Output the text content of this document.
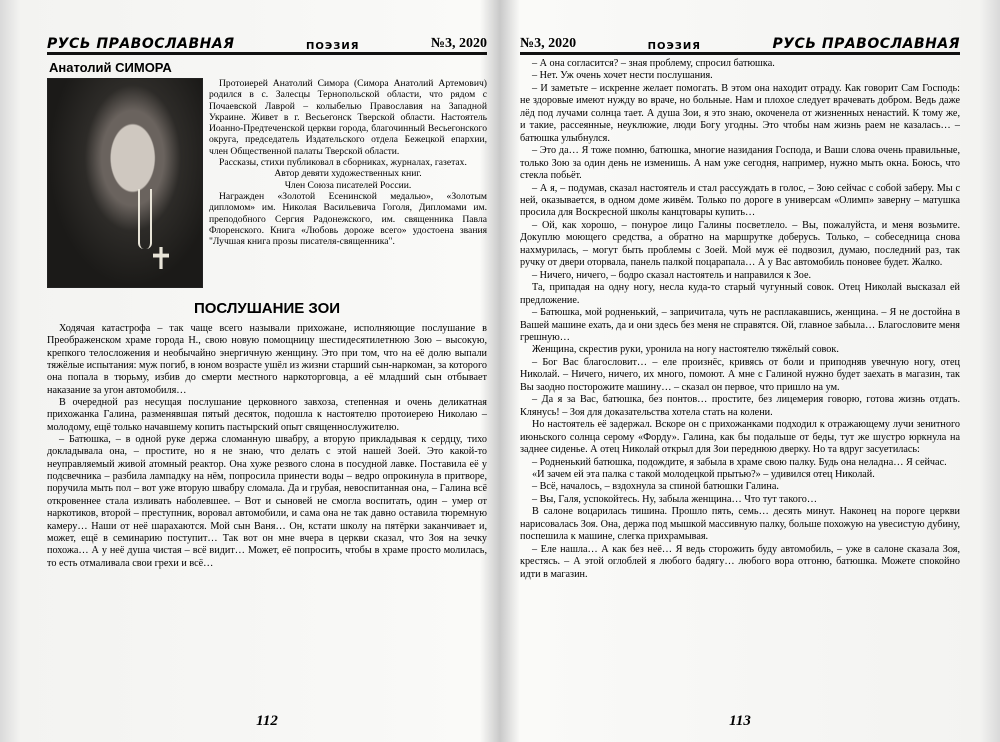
РУСЬ ПРАВОСЛАВНАЯ	ПОЭЗИЯ	№3, 2020
Анатолий СИМОРА

Протоиерей Анатолий Симора (Симора Анатолий Артемович) родился в с. Залесцы Тернопольской области, что рядом с Почаевской Лаврой – колыбелью Православия на Западной Украине. Живет в г. Весьегонск Тверской области. Настоятель Иоанно-Предтеченской церкви города, благочинный Весьегонского округа, председатель Издательского отдела Бежецкой епархии, член Общественной палаты Тверской области.

Рассказы, стихи публиковал в сборниках, журналах, газетах.

Автор девяти художественных книг.

Член Союза писателей России.

Награжден «Золотой Есенинской медалью», «Золотым дипломом» им. Николая Васильевича Гоголя, Дипломами им. преподобного Сергия Радонежского, им. священника Павла Флоренского. Книга «Любовь дороже всего» удостоена звания "Лучшая книга прозы писателя-священника".

ПОСЛУШАНИЕ ЗОИ

Ходячая катастрофа – так чаще всего называли прихожане, исполняющие послушание в Преображенском храме города Н., свою новую помощницу шестидесятилетнюю Зою – высокую, крепкого телосложения и необычайно энергичную женщину. Это при том, что на её долю выпали тяжёлые испытания: муж погиб, в юном возрасте ушёл из жизни старший сын-наркоман, за которого она попала в тюрьму, избив до смерти местного наркоторговца, а её младший сын отбывает наказание за угон автомобиля…

В очередной раз несущая послушание церковного завхоза, степенная и очень деликатная прихожанка Галина, разменявшая пятый десяток, подошла к настоятелю протоиерею Николаю – молодому, ещё только начавшему копить пастырский опыт священнослужителю.

– Батюшка, – в одной руке держа сломанную швабру, а вторую прикладывая к сердцу, тихо докладывала она, – простите, но я не знаю, что делать с этой нашей Зоей. Это какой-то неуправляемый живой атомный реактор. Она хуже резвого слона в посудной лавке. Поставила её у подсвечника – разбила лампадку на нём, попросила принести воды – ведро опрокинула в притворе, поручила мыть пол – вот уже вторую швабру сломала. Да и грубая, невоспитанная она, – Галина всё откровеннее стала изливать наболевшее. – Вот и сыновей не смогла воспитать, один – умер от наркотиков, второй – преступник, воровал автомобили, и сама она не так давно оставила тюремную камеру… Наши от неё шарахаются. Мой сын Ваня… Он, кстати школу на пятёрки заканчивает и, может, ещё в семинарию поступит… Так вот он мне вчера в церкви сказал, что Зоя на зечку похожа… А у неё душа чистая – всё видит… Может, её попросить, чтобы в храме просто молилась, то есть отмаливала свои грехи и всё…

112
№3, 2020	ПОЭЗИЯ	РУСЬ ПРАВОСЛАВНАЯ

– А она согласится? – зная проблему, спросил батюшка.

– Нет. Уж очень хочет нести послушания.

– И заметьте – искренне желает помогать. В этом она находит отраду. Как говорит Сам Господь: не здоровые имеют нужду во враче, но больные. Нам и плохое следует врачевать добром. Ведь даже лёд под лучами солнца тает. А душа Зои, я это знаю, окоченела от жизненных ненастий. К тому же, и такие, рассеянные, неуклюжие, люди Богу угодны. Это чтобы нам жизнь раем не казалась… – батюшка улыбнулся.

– Это да… Я тоже помню, батюшка, многие назидания Господа, и Ваши слова очень правильные, только Зою за один день не изменишь. А нам уже сегодня, например, нужно мыть окна. Боюсь, что стекла побьёт.

– А я, – подумав, сказал настоятель и стал рассуждать в голос, – Зою сейчас с собой заберу. Мы с ней, оказывается, в одном доме живём. Только по дороге в универсам «Олимп» заверну – матушка просила для Воскресной школы канцтовары купить…

– Ой, как хорошо, – понурое лицо Галины посветлело. – Вы, пожалуйста, и меня возьмите. Докуплю моющего средства, а обратно на маршрутке доберусь. Только, – собеседница снова нахмурилась, – могут быть проблемы с Зоей. Мой муж её подвозил, думаю, последний раз, так ручку от двери оторвала, панель палкой поцарапала… А у Вас автомобиль поновее будет. Жалко.

– Ничего, ничего, – бодро сказал настоятель и направился к Зое.

Та, припадая на одну ногу, несла куда-то старый чугунный совок. Отец Николай высказал ей предложение.

– Батюшка, мой родненький, – запричитала, чуть не расплакавшись, женщина. – Я не достойна в Вашей машине ехать, да и они здесь без меня не справятся. Ой, главное забыла… Благословите меня грешную…

Женщина, скрестив руки, уронила на ногу настоятелю тяжёлый совок.

– Бог Вас благословит… – еле произнёс, кривясь от боли и приподняв увечную ногу, отец Николай. – Ничего, ничего, их много, помоют. А мне с Галиной нужно будет заехать в магазин, так Вы заодно посторожите машину… – сказал он первое, что пришло на ум.

– Да я за Вас, батюшка, без понтов… простите, без лицемерия говорю, готова жизнь отдать. Клянусь! – Зоя для доказательства хотела стать на колени.

Но настоятель её задержал. Вскоре он с прихожанками подходил к отражающему лучи зенитного июньского солнца серому «Форду». Галина, как бы подальше от беды, тут же шустро юркнула на заднее сиденье. А отец Николай открыл для Зои переднюю дверку. Но та вдруг засуетилась:

– Родненький батюшка, подождите, я забыла в храме свою палку. Будь она неладна… Я сейчас.

«И зачем ей эта палка с такой молодецкой прытью?» – удивился отец Николай.

– Всё, началось, – вздохнула за спиной батюшки Галина.

– Вы, Галя, успокойтесь. Ну, забыла женщина… Что тут такого…

В салоне воцарилась тишина. Прошло пять, семь… десять минут. Наконец на пороге церкви нарисовалась Зоя. Она, держа под мышкой массивную палку, больше похожую на увесистую дубину, поспешила к машине, слегка прихрамывая.

– Еле нашла… А как без неё… Я ведь сторожить буду автомобиль, – уже в салоне сказала Зоя, крестясь. – А этой оглоблей я любого бадягу… любого вора отгоню, батюшка. Можете спокойно идти в магазин.

113
